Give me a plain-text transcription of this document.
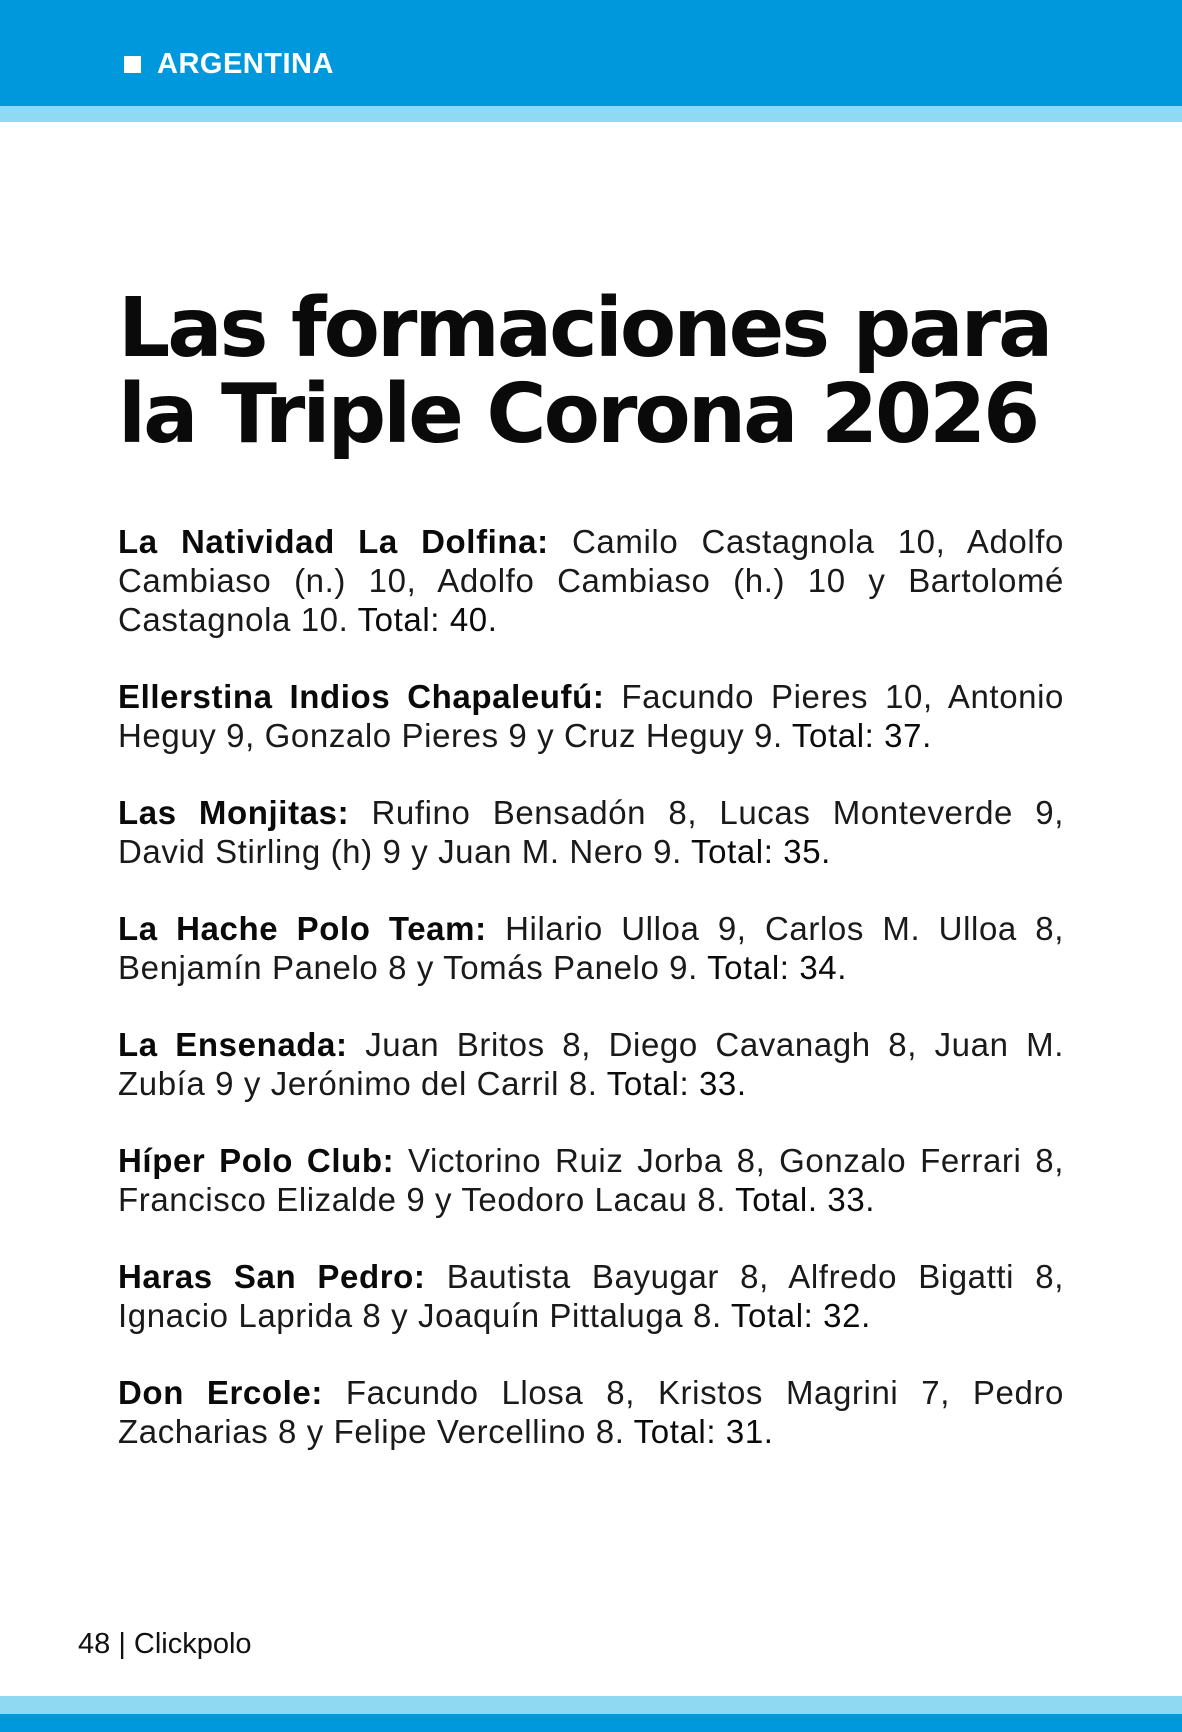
ARGENTINA
Las formaciones para
la Triple Corona 2026

La Natividad La Dolfina: Camilo Castagnola 10, Adolfo Cambiaso (n.) 10, Adolfo Cambiaso (h.) 10 y Bartolomé Castagnola 10. Total: 40.

Ellerstina Indios Chapaleufú: Facundo Pieres 10, Antonio Heguy 9, Gonzalo Pieres 9 y Cruz Heguy 9. Total: 37.

Las Monjitas: Rufino Bensadón 8, Lucas Monteverde 9, David Stirling (h) 9 y Juan M. Nero 9. Total: 35.

La Hache Polo Team: Hilario Ulloa 9, Carlos M. Ulloa 8, Benjamín Panelo 8 y Tomás Panelo 9. Total: 34.

La Ensenada: Juan Britos 8, Diego Cavanagh 8, Juan M. Zubía 9 y Jerónimo del Carril 8. Total: 33.

Híper Polo Club: Victorino Ruiz Jorba 8, Gonzalo Ferrari 8, Francisco Elizalde 9 y Teodoro Lacau 8. Total. 33.

Haras San Pedro: Bautista Bayugar 8, Alfredo Bigatti 8, Ignacio Laprida 8 y Joaquín Pittaluga 8. Total: 32.

Don Ercole: Facundo Llosa 8, Kristos Magrini 7, Pedro Zacharias 8 y Felipe Vercellino 8. Total: 31.

48 | Clickpolo
